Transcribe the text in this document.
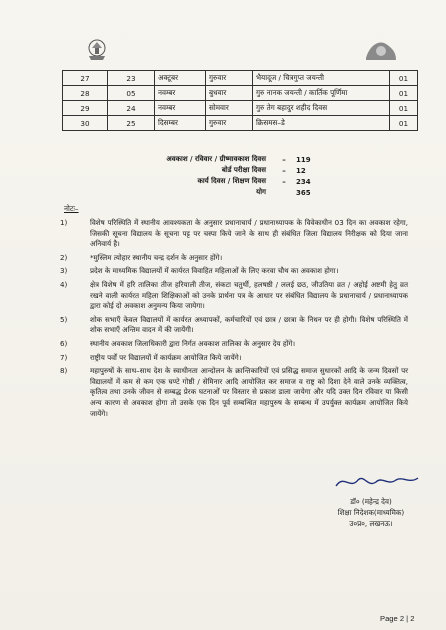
27	23	अक्टूबर	गुरुवार	भैयादूज / चित्रगुप्त जयन्ती	01
28	05	नवम्बर	बुधवार	गुरु नानक जयन्ती / कार्तिक पूर्णिमा	01
29	24	नवम्बर	सोमवार	गुरु तेग बहादुर शहीद दिवस	01
30	25	दिसम्बर	गुरुवार	क्रिसमस–डे	01
अवकाश / रविवार / ग्रीष्मावकाश दिवस	–	119
बोर्ड परीक्षा दिवस	–	12
कार्य दिवस / शिक्षण दिवस	–	234
योग	365
नोटः–
1)	विशेष परिस्थिति में स्थानीय आवश्यकता के अनुसार प्रधानाचार्य / प्रधानाध्यापक के विवेकाधीन 03 दिन का अवकाश रहेगा, जिसकी सूचना विद्यालय के सूचना पट्ट पर चस्पा किये जाने के साथ ही संबंधित जिला विद्यालय निरीक्षक को दिया जाना अनिवार्य है।
2)	*मुस्लिम त्योहार स्थानीय चन्द्र दर्शन के अनुसार होंगे।
3)	प्रदेश के माध्यमिक विद्यालयों में कार्यरत विवाहित महिलाओं के लिए करवा चौथ का अवकाश होगा।
4)	क्षेत्र विशेष में हरि तालिका तीज हरियाली तीज, संकटा चतुर्थी, हलषष्ठी / ललई छठ, जीउतिया व्रत / अहोई अष्टमी हेतु व्रत रखने वाली कार्यरत महिला शिक्षिकाओं को उनके प्रार्थना पत्र के आधार पर संबंधित विद्यालय के प्रधानाचार्य / प्रधानाध्यापक द्वारा कोई दो अवकाश अनुमन्य किया जायेगा।
5)	शोक सभाएँ केवल विद्यालयों में कार्यरत अध्यापकों, कर्मचारियों एवं छात्र / छात्रा के निधन पर ही होगी। विशेष परिस्थिति में शोक सभाएँ अन्तिम वादन में की जायेंगी।
6)	स्थानीय अवकाश जिलाधिकारी द्वारा निर्गत अवकाश तालिका के अनुसार देय होंगे।
7)	राष्ट्रीय पर्वों पर विद्यालयों में कार्यक्रम आयोजित किये जायेंगे।
8)	महापुरुषों के साथ–साथ देश के स्वाधीनता आन्दोलन के क्रान्तिकारियों एवं प्रसिद्ध समाज सुधारकों आदि के जन्म दिवसों पर विद्यालयों में कम से कम एक घण्टे गोष्ठी / सेमिनार आदि आयोजित कर समाज व राष्ट्र को दिशा देने वाले उनके व्यक्तित्व, कृतित्व तथा उनके जीवन से सम्बद्ध प्रेरक घटनाओं पर विस्तार से प्रकाश डाला जायेगा और यदि उक्त दिन रविवार या किसी अन्य कारण से अवकाश होगा तो उसके एक दिन पूर्व सम्बन्धित महापुरुष के सम्बन्ध में उपर्युक्त कार्यक्रम आयोजित किये जायेंगे।
डॉ० (महेन्द्र देव)
शिक्षा निदेशक(माध्यमिक)
उ०प्र०, लखनऊ।
Page 2 | 2
